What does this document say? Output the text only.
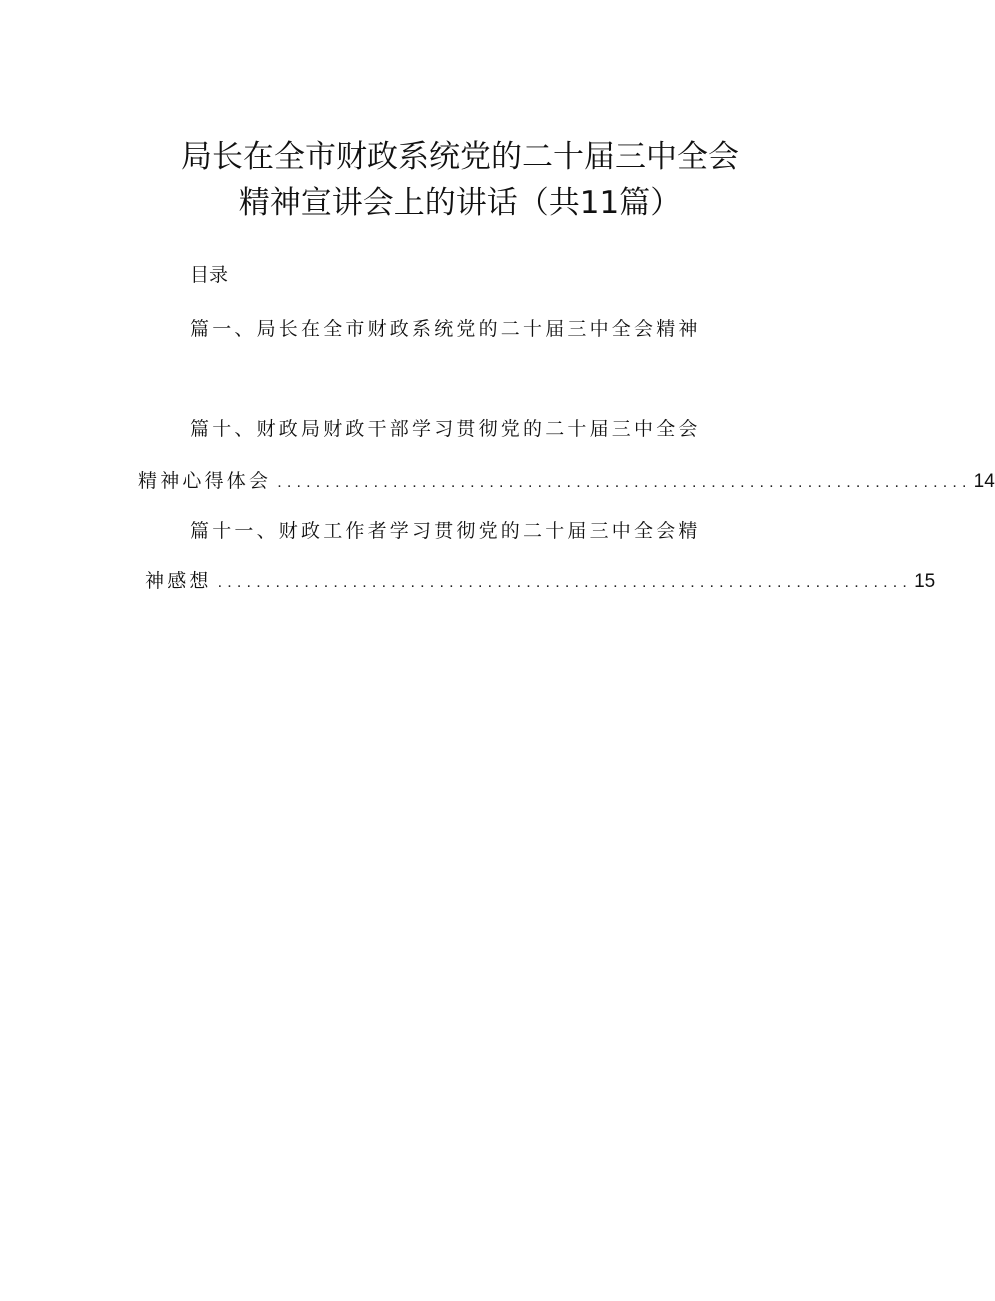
局长在全市财政系统党的二十届三中全会
精神宣讲会上的讲话（共11篇）
目录
篇一、局长在全市财政系统党的二十届三中全会精神
篇十、财政局财政干部学习贯彻党的二十届三中全会
精神心得体会 ........................................................................ 14
篇十一、财政工作者学习贯彻党的二十届三中全会精
神感想 ........................................................................ 15
